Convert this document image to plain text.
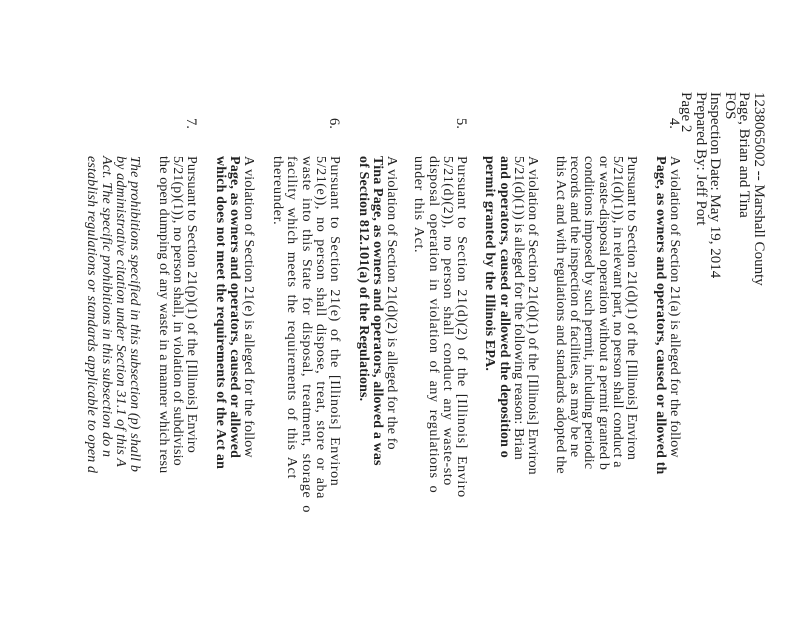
1238065002 -- Marshall County
Page, Brian and Tina
FOS
Inspection Date: May 19, 2014
Prepared By: Jeff Port
Page 2
4.
A violation of Section 21(a) is alleged for the follow
Page, as owners and operators, caused or allowed th
Pursuant to Section 21(d)(1) of the [Illinois] Environ
5/21(d)(1)), in relevant part, no person shall conduct a
or waste-disposal operation without a permit granted b
conditions imposed by such permit, including periodic
records and the inspection of facilities, as may be ne
this Act and with regulations and standards adopted the
A violation of Section 21(d)(1) of the [Illinois] Environ
5/21(d)(1)) is alleged for the following reason: Brian
and operators, caused or allowed the deposition o
permit granted by the Illinois EPA.
5.
Pursuant to Section 21(d)(2) of the [Illinois] Enviro
5/21(d)(2)), no person shall conduct any waste-sto
disposal operation in violation of any regulations o
under this Act.
A violation of Section 21(d)(2) is alleged for the fo
Tina Page, as owners and operators, allowed a was
of Section 812.101(a) of the Regulations.
6.
Pursuant to Section 21(e) of the [Illinois] Environ
5/21(e)), no person shall dispose, treat, store or aba
waste into this State for disposal, treatment, storage o
facility which meets the requirements of this Act
thereunder.
A violation of Section 21(e) is alleged for the follow
Page, as owners and operators, caused or allowed
which does not meet the requirements of the Act an
7.
Pursuant to Section 21(p)(1) of the [Illinois] Enviro
5/21(p)(1)), no person shall, in violation of subdivisio
the open dumping of any waste in a manner which resu
The prohibitions specified in this subsection (p) shall b
by administrative citation under Section 31.1 of this A
Act. The specific prohibitions in this subsection do n
establish regulations or standards applicable to open d
